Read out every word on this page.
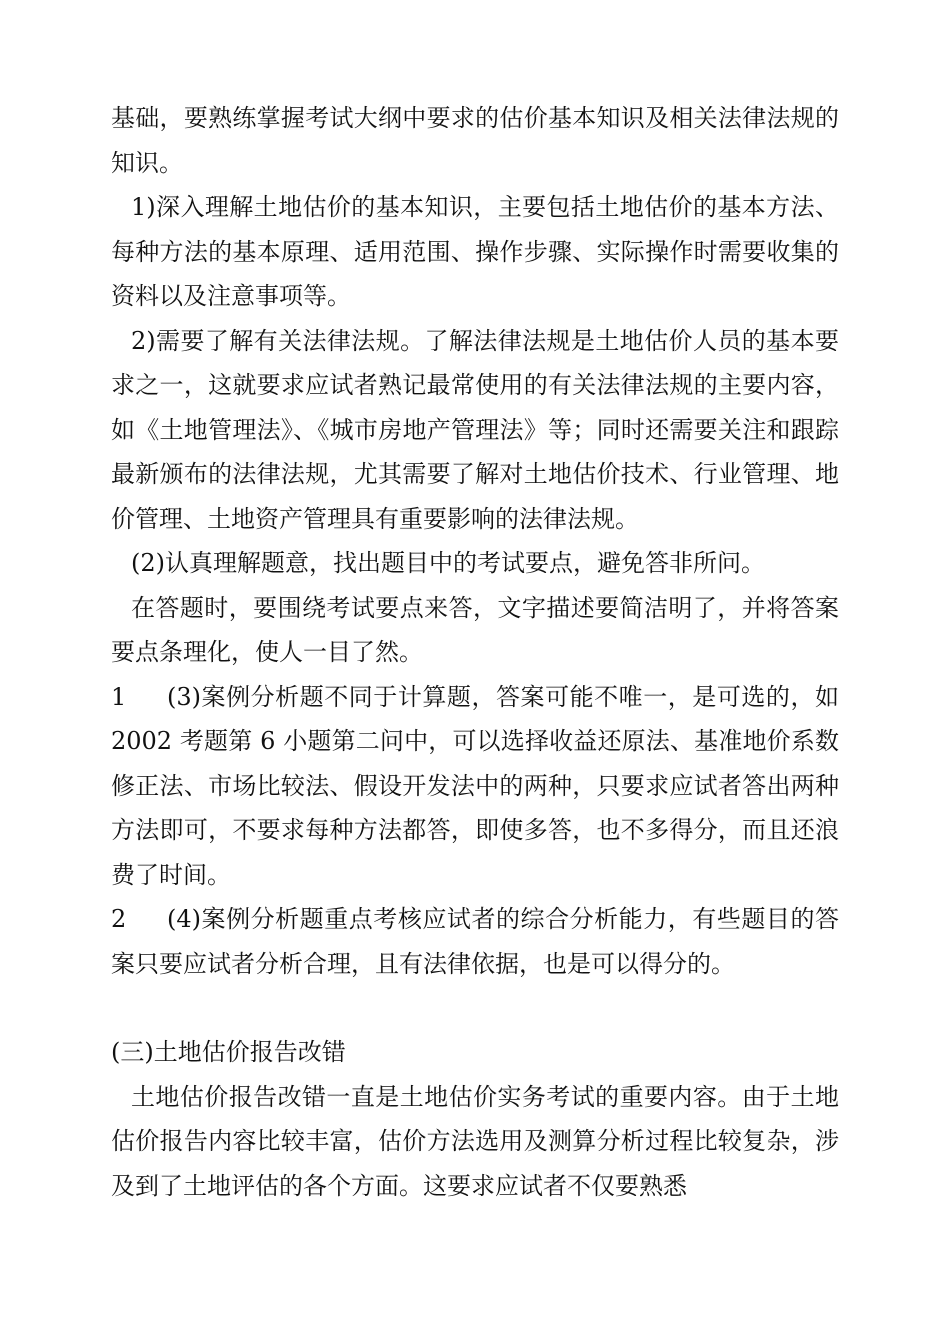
基础，要熟练掌握考试大纲中要求的估价基本知识及相关法律法规的知识。

1)深入理解土地估价的基本知识，主要包括土地估价的基本方法、每种方法的基本原理、适用范围、操作步骤、实际操作时需要收集的资料以及注意事项等。

2)需要了解有关法律法规。了解法律法规是土地估价人员的基本要求之一，这就要求应试者熟记最常使用的有关法律法规的主要内容，如《土地管理法》、《城市房地产管理法》等；同时还需要关注和跟踪最新颁布的法律法规，尤其需要了解对土地估价技术、行业管理、地价管理、土地资产管理具有重要影响的法律法规。

(2)认真理解题意，找出题目中的考试要点，避免答非所问。

在答题时，要围绕考试要点来答，文字描述要简洁明了，并将答案要点条理化，使人一目了然。

1 (3)案例分析题不同于计算题，答案可能不唯一，是可选的，如 2002 考题第 6 小题第二问中，可以选择收益还原法、基准地价系数修正法、市场比较法、假设开发法中的两种，只要求应试者答出两种方法即可，不要求每种方法都答，即使多答，也不多得分，而且还浪费了时间。

2 (4)案例分析题重点考核应试者的综合分析能力，有些题目的答案只要应试者分析合理，且有法律依据，也是可以得分的。

(三)土地估价报告改错

土地估价报告改错一直是土地估价实务考试的重要内容。由于土地估价报告内容比较丰富，估价方法选用及测算分析过程比较复杂，涉及到了土地评估的各个方面。这要求应试者不仅要熟悉
